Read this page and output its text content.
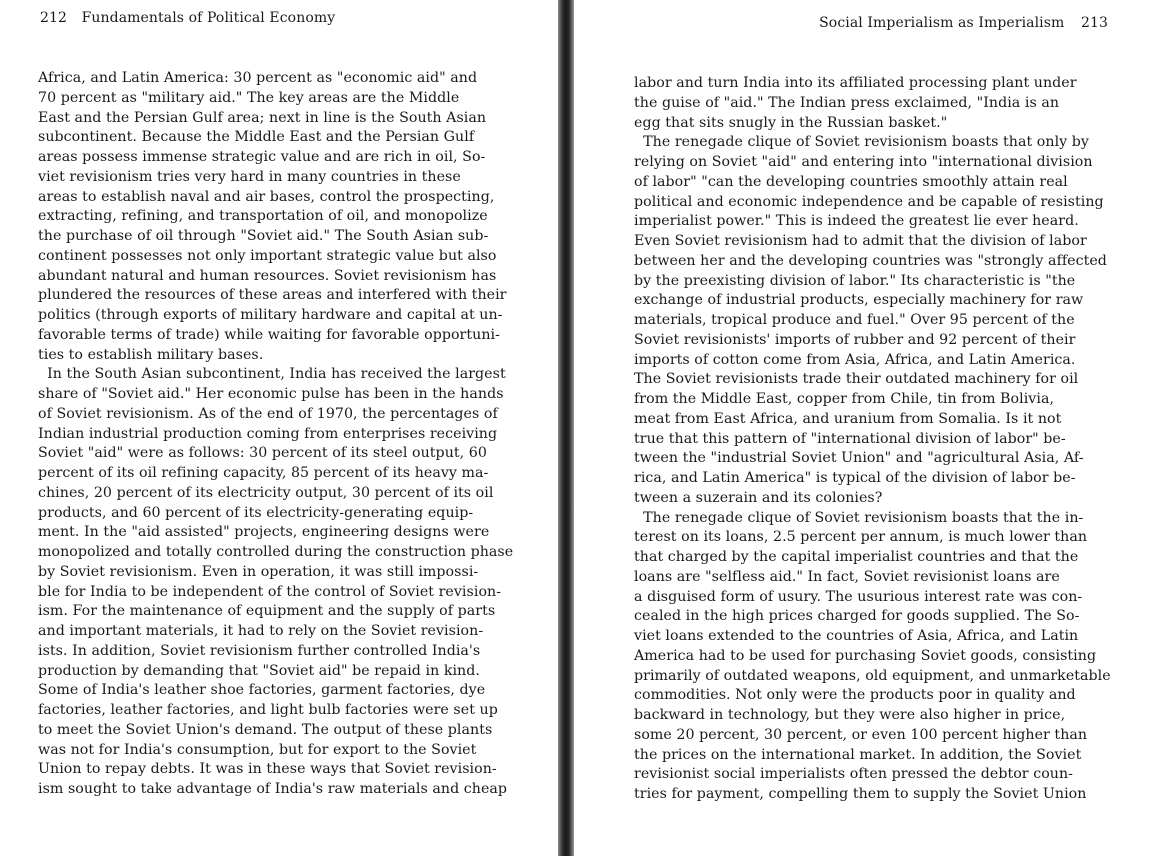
212 Fundamentals of Political Economy
Africa, and Latin America: 30 percent as "economic aid" and
70 percent as "military aid." The key areas are the Middle
East and the Persian Gulf area; next in line is the South Asian
subcontinent. Because the Middle East and the Persian Gulf
areas possess immense strategic value and are rich in oil, So-
viet revisionism tries very hard in many countries in these
areas to establish naval and air bases, control the prospecting,
extracting, refining, and transportation of oil, and monopolize
the purchase of oil through "Soviet aid." The South Asian sub-
continent possesses not only important strategic value but also
abundant natural and human resources. Soviet revisionism has
plundered the resources of these areas and interfered with their
politics (through exports of military hardware and capital at un-
favorable terms of trade) while waiting for favorable opportuni-
ties to establish military bases.
In the South Asian subcontinent, India has received the largest
share of "Soviet aid." Her economic pulse has been in the hands
of Soviet revisionism. As of the end of 1970, the percentages of
Indian industrial production coming from enterprises receiving
Soviet "aid" were as follows: 30 percent of its steel output, 60
percent of its oil refining capacity, 85 percent of its heavy ma-
chines, 20 percent of its electricity output, 30 percent of its oil
products, and 60 percent of its electricity-generating equip-
ment. In the "aid assisted" projects, engineering designs were
monopolized and totally controlled during the construction phase
by Soviet revisionism. Even in operation, it was still impossi-
ble for India to be independent of the control of Soviet revision-
ism. For the maintenance of equipment and the supply of parts
and important materials, it had to rely on the Soviet revision-
ists. In addition, Soviet revisionism further controlled India's
production by demanding that "Soviet aid" be repaid in kind.
Some of India's leather shoe factories, garment factories, dye
factories, leather factories, and light bulb factories were set up
to meet the Soviet Union's demand. The output of these plants
was not for India's consumption, but for export to the Soviet
Union to repay debts. It was in these ways that Soviet revision-
ism sought to take advantage of India's raw materials and cheap
Social Imperialism as Imperialism 213
labor and turn India into its affiliated processing plant under
the guise of "aid." The Indian press exclaimed, "India is an
egg that sits snugly in the Russian basket."
The renegade clique of Soviet revisionism boasts that only by
relying on Soviet "aid" and entering into "international division
of labor" "can the developing countries smoothly attain real
political and economic independence and be capable of resisting
imperialist power." This is indeed the greatest lie ever heard.
Even Soviet revisionism had to admit that the division of labor
between her and the developing countries was "strongly affected
by the preexisting division of labor." Its characteristic is "the
exchange of industrial products, especially machinery for raw
materials, tropical produce and fuel." Over 95 percent of the
Soviet revisionists' imports of rubber and 92 percent of their
imports of cotton come from Asia, Africa, and Latin America.
The Soviet revisionists trade their outdated machinery for oil
from the Middle East, copper from Chile, tin from Bolivia,
meat from East Africa, and uranium from Somalia. Is it not
true that this pattern of "international division of labor" be-
tween the "industrial Soviet Union" and "agricultural Asia, Af-
rica, and Latin America" is typical of the division of labor be-
tween a suzerain and its colonies?
The renegade clique of Soviet revisionism boasts that the in-
terest on its loans, 2.5 percent per annum, is much lower than
that charged by the capital imperialist countries and that the
loans are "selfless aid." In fact, Soviet revisionist loans are
a disguised form of usury. The usurious interest rate was con-
cealed in the high prices charged for goods supplied. The So-
viet loans extended to the countries of Asia, Africa, and Latin
America had to be used for purchasing Soviet goods, consisting
primarily of outdated weapons, old equipment, and unmarketable
commodities. Not only were the products poor in quality and
backward in technology, but they were also higher in price,
some 20 percent, 30 percent, or even 100 percent higher than
the prices on the international market. In addition, the Soviet
revisionist social imperialists often pressed the debtor coun-
tries for payment, compelling them to supply the Soviet Union
